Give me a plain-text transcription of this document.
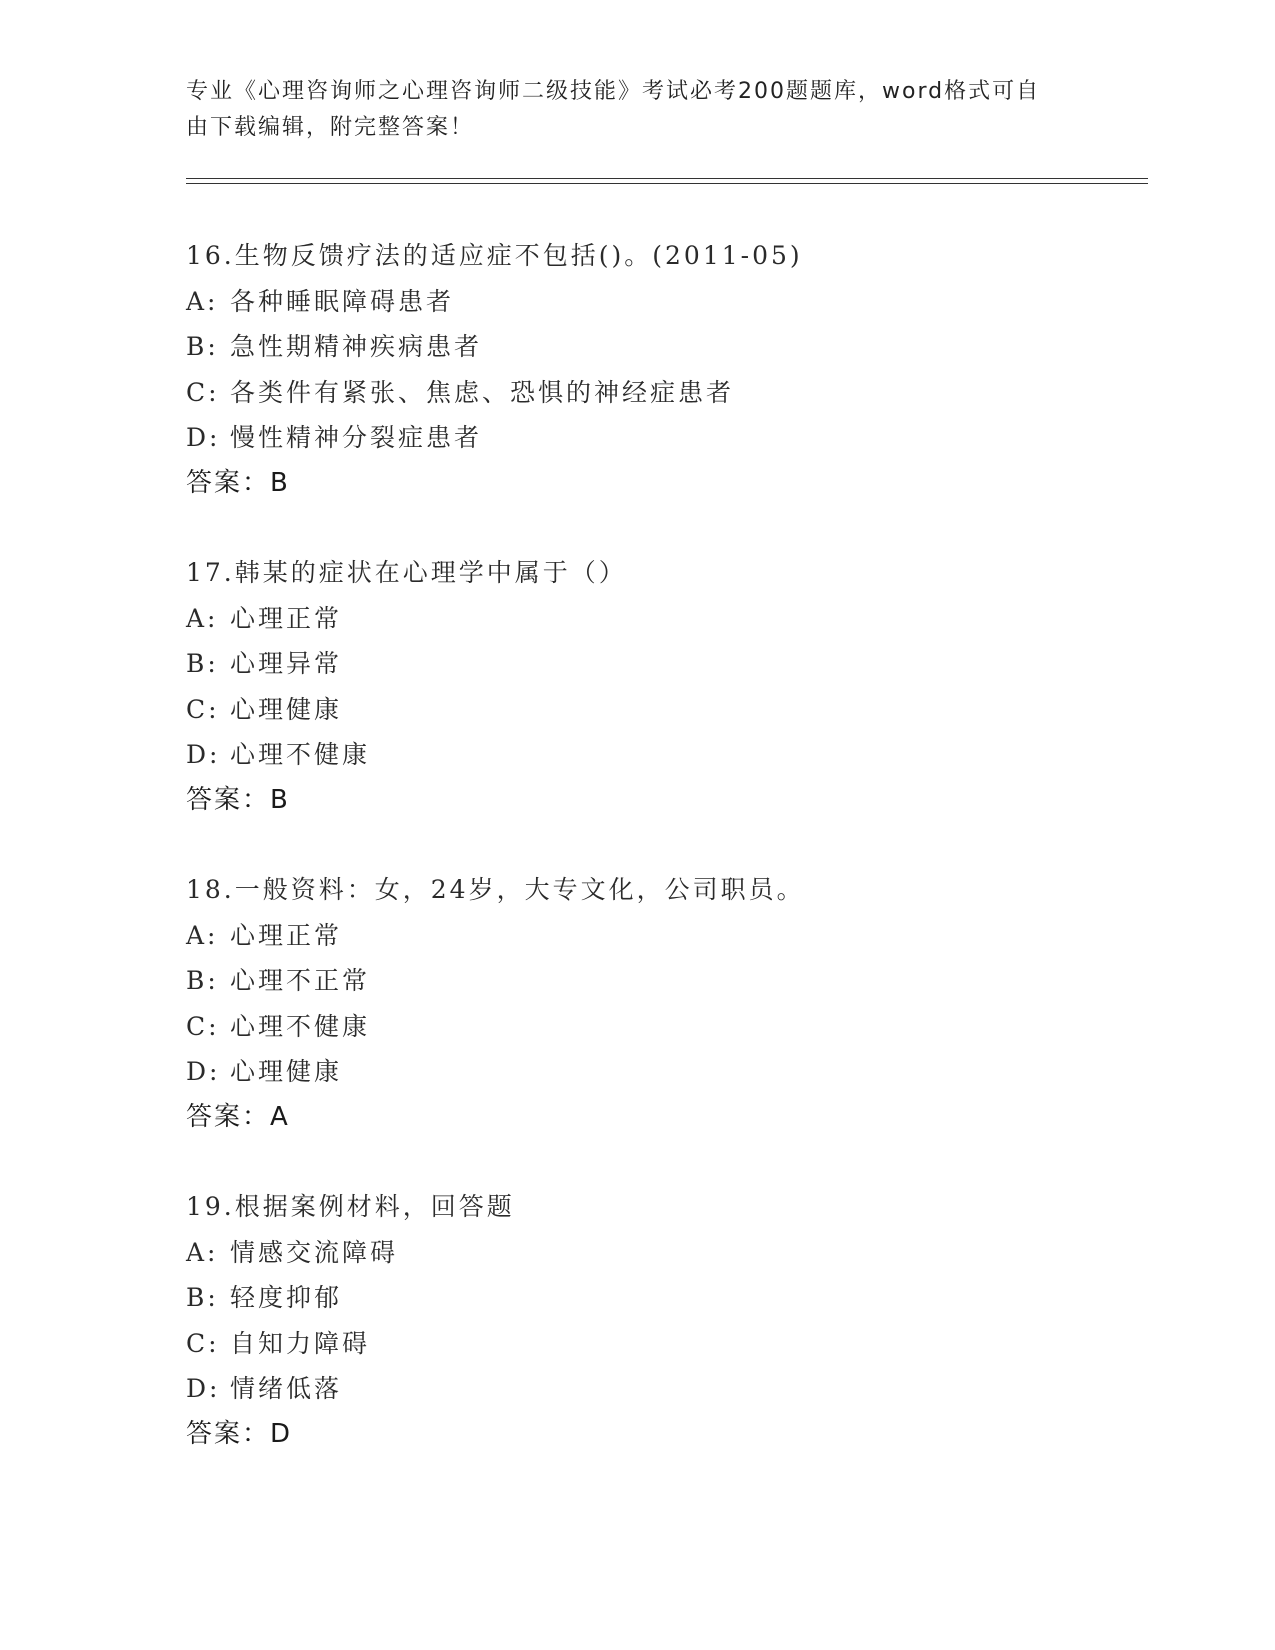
专业《心理咨询师之心理咨询师二级技能》考试必考200题题库，word格式可自
由下载编辑，附完整答案！
16.生物反馈疗法的适应症不包括()。(2011-05)
A: 各种睡眠障碍患者
B: 急性期精神疾病患者
C: 各类件有紧张、焦虑、恐惧的神经症患者
D: 慢性精神分裂症患者
答案：B
17.韩某的症状在心理学中属于（）
A: 心理正常
B: 心理异常
C: 心理健康
D: 心理不健康
答案：B
18.一般资料：女，24岁，大专文化，公司职员。
A: 心理正常
B: 心理不正常
C: 心理不健康
D: 心理健康
答案：A
19.根据案例材料，回答题
A: 情感交流障碍
B: 轻度抑郁
C: 自知力障碍
D: 情绪低落
答案：D
